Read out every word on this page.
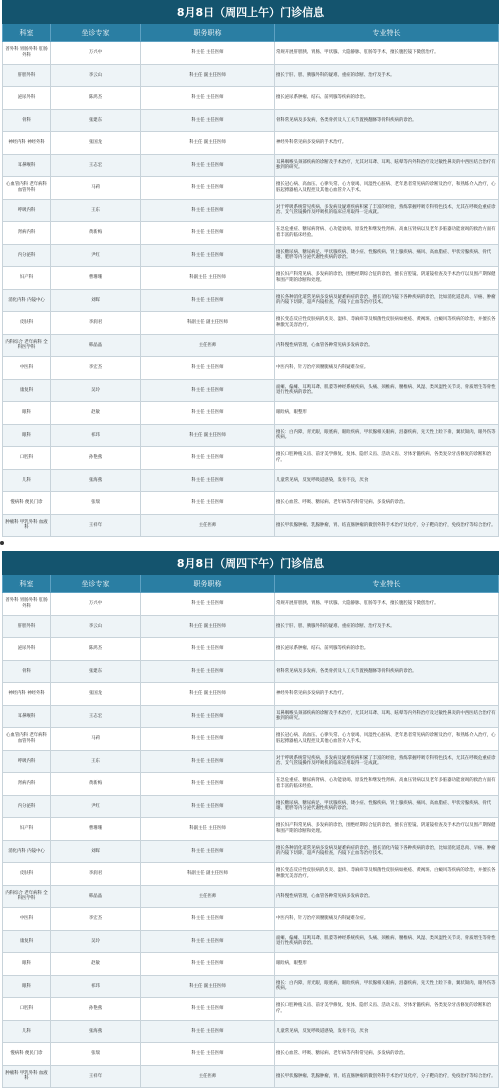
8月8日（周四上午）门诊信息			
科室	坐诊专家	职务职称	专业特长
普外科 胃肠外科 肛肠外科	万兴中	科主任 主任医师	常规开展肝胆胰、胃肠、甲状腺、大隐静脉、肛肠等手术，擅长腹腔镜下微创治疗。
肝胆外科	李云山	科主任 副主任医师	擅长于肝、胆、胰腺外科的疑难、重症的诊断、治疗及手术。
泌尿外科	陈鸿杰	科主任 主任医师	擅长泌尿系肿瘤、结石、前列腺等疾病的诊治。
骨科	张建东	科主任 主任医师	骨科常见病及多发病，各类骨折及人工关节置换翻修等骨科疾病的诊治。
神经内科 神经外科	张国龙	科主任 副主任医师	神经外科常见病多发病的手术治疗。
耳鼻喉科	王志宏	科主任 主任医师	耳鼻咽喉头颈部疾病的诊断及手术治疗，尤其对耳聋、耳鸣、眩晕等内外科治疗及过敏性鼻炎的中西医结合治疗有独到的研究。
心血管内科 老年病科 血管外科	马莉	科主任 主任医师	擅长冠心病、高血压、心律失常、心力衰竭、风湿性心脏病、老年患者常见病的诊断及治疗，和熟练介入治疗，心脏起搏器植入及程控及其他心血管介入手术。
呼吸内科	王东	科主任 主任医师	对于呼吸系统常见疾病、多发病及疑难疾病积累了丰富的经验，熟练掌握呼吸专科特色技术，尤其在呼吸危重症诊治、支气管镜操作及呼吸机的临床应用取得一定成就。
肾病内科	黄新梅	科主任 主任医师	在急危重症、糖尿病肾病、心功能衰竭、原发性和继发性肾病、高血压肾病以及老年多脏器功能衰竭的救治方面有着丰富的临床经验。
内分泌科	尹红	科主任 主任医师	擅长糖尿病、糖尿病足、甲状腺疾病、矮小症、性腺疾病、肾上腺疾病、痛风、高血脂症、甲状旁腺疾病、骨代谢、肥胖等内分泌代谢性疾病的诊治。
妇产科	曹珊珊	科副主任 主任医师	擅长妇产科常见病、多发病的诊治，围绝经期综合征的诊治，擅长宫腔镜、阴道镜检查及手术治疗以及围产期保健和围产期的诊断和处理。
消化内科 内镜中心	刘晖	科主任 主任医师	擅长各种消化道常见病多发病及疑难病症的诊治，擅长消化内镜下各种疾病的诊治，比如消化道息肉、早癌、肿瘤的内镜下切除，超声内镜检查，内镜下止血等治疗技术。
皮肤科	李润君	科副主任 副主任医师	擅长变态反应性皮肤病的皮炎、湿疹、荨麻疹等及细菌性皮肤病如痤疮、黄褐斑、白癜风等疾病的诊治，并擅长各种激光美容治疗。
内科综合 老年病科 全科医学科	韩晶晶	主任医师	内科慢性病管理，心血管各种常见病多发病诊治。
中医科	李宏杰	科主任 主任医师	中医内科，针刀治疗颈腰腿痛及内科疑难杂症。
康复科	吴玲	科主任 主任医师	面瘫、偏瘫、耳鸣耳聋、肌萎等神经系统疾病，头痛、颈椎病、腰椎病、风湿、类风湿性关节炎、骨质增生等骨性退行性疾病的诊治。
眼科	赵敏	科主任 主任医师	眼睑病，眼整形
眼科	祁玮	科主任 副主任医师	擅长：白内障，青光眼，眼底病，眼睑疾病，甲状腺相关眼病，泪器疾病，先天性上睑下垂，翼状胬肉，眼外伤等疾病。
口腔科	孙艳燕	科主任 主任医师	擅长口腔种植义齿、前牙美学修复、复体、隐形义齿、活动义齿、牙体牙髓疾病、各类复杂牙齿修复的诊断和治疗。
儿科	张海燕	科主任 主任医师	儿童常见病，反复呼吸道感染，发育不良，厌食
慢病科 便民门诊	张瑞	科主任 主任医师	擅长心血管、呼吸、糖尿病、老年病等内科常见病、多发病的诊治。
肿瘤科 甲乳外科 血液科	王祥年	主任医师	擅长甲状腺肿瘤、乳腺肿瘤，胃、结直肠肿瘤的微创外科手术治疗及化疗，分子靶向治疗，免疫治疗等综合治疗。
8月8日（周四下午）门诊信息			
科室	坐诊专家	职务职称	专业特长
普外科 胃肠外科 肛肠外科	万兴中	科主任 主任医师	常规开展肝胆胰、胃肠、甲状腺、大隐静脉、肛肠等手术，擅长腹腔镜下微创治疗。
肝胆外科	李云山	科主任 副主任医师	擅长于肝、胆、胰腺外科的疑难、重症的诊断、治疗及手术。
泌尿外科	陈鸿杰	科主任 主任医师	擅长泌尿系肿瘤、结石、前列腺等疾病的诊治。
骨科	张建东	科主任 主任医师	骨科常见病及多发病，各类骨折及人工关节置换翻修等骨科疾病的诊治。
神经内科 神经外科	张国龙	科主任 副主任医师	神经外科常见病多发病的手术治疗。
耳鼻喉科	王志宏	科主任 主任医师	耳鼻咽喉头颈部疾病的诊断及手术治疗，尤其对耳聋、耳鸣、眩晕等内外科治疗及过敏性鼻炎的中西医结合治疗有独到的研究。
心血管内科 老年病科 血管外科	马莉	科主任 主任医师	擅长冠心病、高血压、心律失常、心力衰竭、风湿性心脏病、老年患者常见病的诊断及治疗，和熟练介入治疗，心脏起搏器植入及程控及其他心血管介入手术。
呼吸内科	王东	科主任 主任医师	对于呼吸系统常见疾病、多发病及疑难疾病积累了丰富的经验，熟练掌握呼吸专科特色技术，尤其在呼吸危重症诊治、支气管镜操作及呼吸机的临床应用取得一定成就。
肾病内科	黄新梅	科主任 主任医师	在急危重症、糖尿病肾病、心功能衰竭、原发性和继发性肾病、高血压肾病以及老年多脏器功能衰竭的救治方面有着丰富的临床经验。
内分泌科	尹红	科主任 主任医师	擅长糖尿病、糖尿病足、甲状腺疾病、矮小症、性腺疾病、肾上腺疾病、痛风、高血脂症、甲状旁腺疾病、骨代谢、肥胖等内分泌代谢性疾病的诊治。
妇产科	曹珊珊	科副主任 主任医师	擅长妇产科常见病、多发病的诊治，围绝经期综合征的诊治，擅长宫腔镜、阴道镜检查及手术治疗以及围产期保健和围产期的诊断和处理。
消化内科 内镜中心	刘晖	科主任 主任医师	擅长各种消化道常见病多发病及疑难病症的诊治，擅长消化内镜下各种疾病的诊治，比如消化道息肉、早癌、肿瘤的内镜下切除，超声内镜检查，内镜下止血等治疗技术。
皮肤科	李润君	科副主任 副主任医师	擅长变态反应性皮肤病的皮炎、湿疹、荨麻疹等及细菌性皮肤病如痤疮、黄褐斑、白癜风等疾病的诊治，并擅长各种激光美容治疗。
内科综合 老年病科 全科医学科	韩晶晶	主任医师	内科慢性病管理，心血管各种常见病多发病诊治。
中医科	李宏杰	科主任 主任医师	中医内科，针刀治疗颈腰腿痛及内科疑难杂症。
康复科	吴玲	科主任 主任医师	面瘫、偏瘫、耳鸣耳聋、肌萎等神经系统疾病，头痛、颈椎病、腰椎病、风湿、类风湿性关节炎、骨质增生等骨性退行性疾病的诊治。
眼科	赵敏	科主任 主任医师	眼睑病，眼整形
眼科	祁玮	科主任 副主任医师	擅长：白内障，青光眼，眼底病，眼睑疾病，甲状腺相关眼病，泪器疾病，先天性上睑下垂，翼状胬肉，眼外伤等疾病。
口腔科	孙艳燕	科主任 主任医师	擅长口腔种植义齿、前牙美学修复、复体、隐形义齿、活动义齿、牙体牙髓疾病、各类复杂牙齿修复的诊断和治疗。
儿科	张海燕	科主任 主任医师	儿童常见病，反复呼吸道感染，发育不良，厌食
慢病科 便民门诊	张瑞	科主任 主任医师	擅长心血管、呼吸、糖尿病、老年病等内科常见病、多发病的诊治。
肿瘤科 甲乳外科 血液科	王祥年	主任医师	擅长甲状腺肿瘤、乳腺肿瘤，胃、结直肠肿瘤的微创外科手术治疗及化疗，分子靶向治疗，免疫治疗等综合治疗。
